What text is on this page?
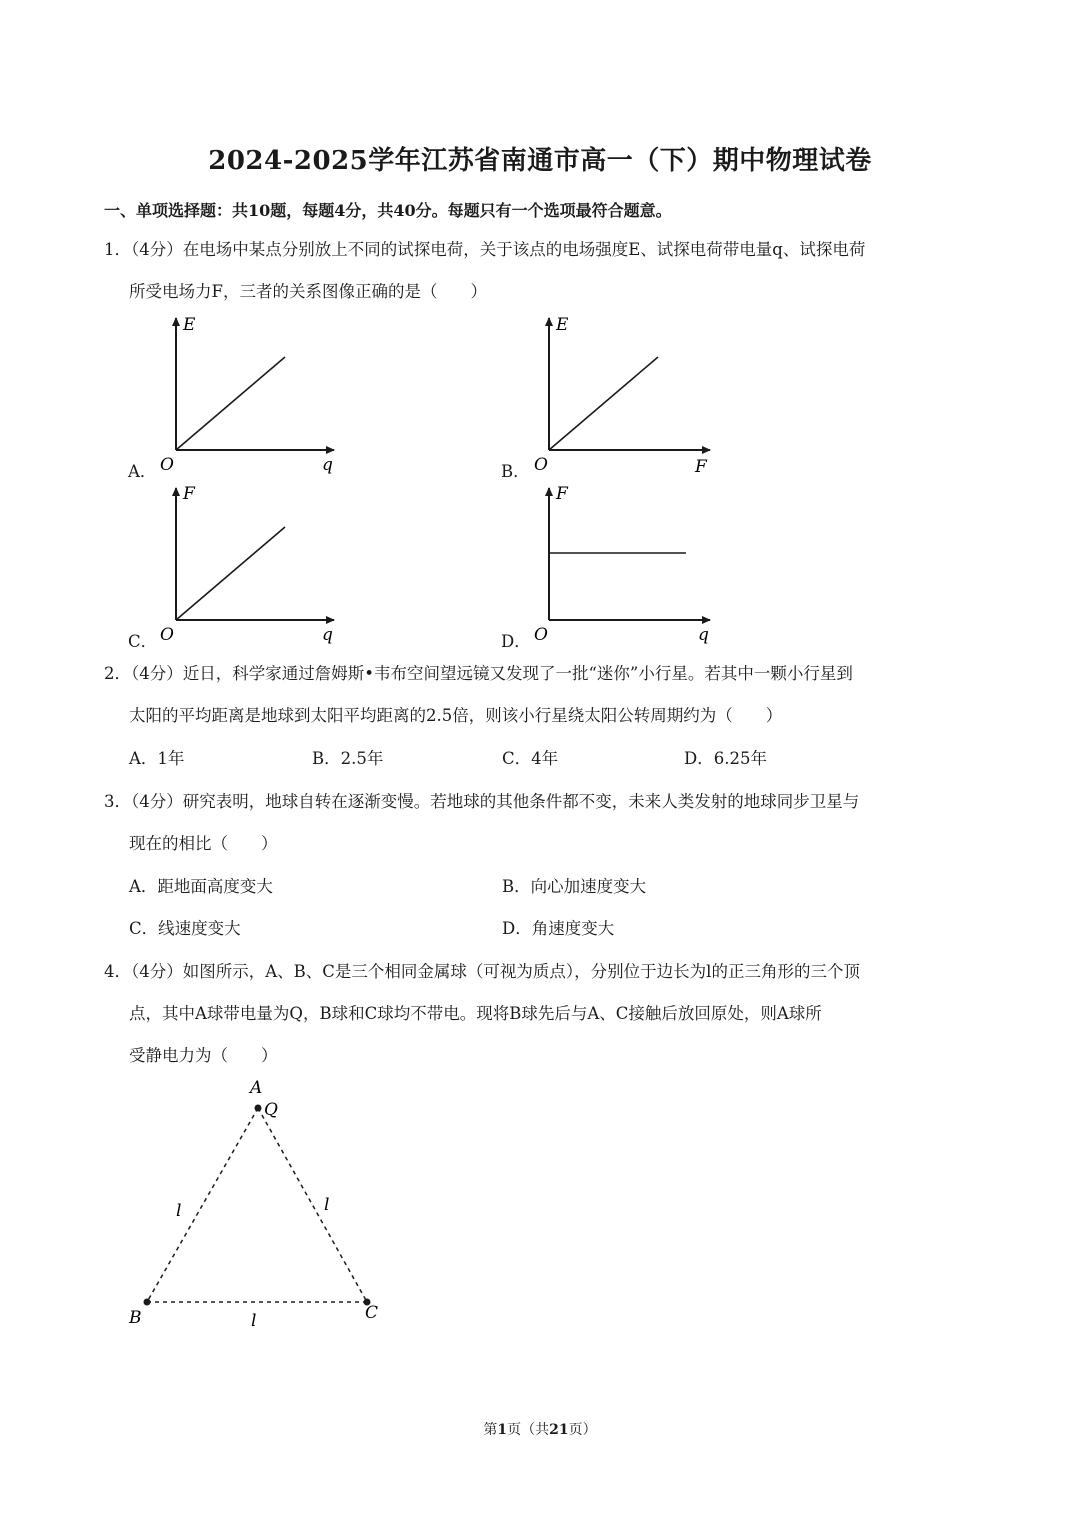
2024-2025学年江苏省南通市高一（下）期中物理试卷
一、单项选择题：共10题，每题4分，共40分。每题只有一个选项最符合题意。
1．（4分）在电场中某点分别放上不同的试探电荷，关于该点的电场强度E、试探电荷带电量q、试探电荷
所受电场力F，三者的关系图像正确的是（　　）
E
O	q
E
O	F
F
O	q
F
O	q
A
Q
B	C
l	l
l
A．	B．
C．	D．
2．（4分）近日，科学家通过詹姆斯•韦布空间望远镜又发现了一批“迷你”小行星。若其中一颗小行星到
太阳的平均距离是地球到太阳平均距离的2.5倍，则该小行星绕太阳公转周期约为（　　）
A．1年	B．2.5年	C．4年	D．6.25年
3．（4分）研究表明，地球自转在逐渐变慢。若地球的其他条件都不变，未来人类发射的地球同步卫星与
现在的相比（　　）
A．距地面高度变大	B．向心加速度变大
C．线速度变大	D．角速度变大
4．（4分）如图所示，A、B、C是三个相同金属球（可视为质点），分别位于边长为l的正三角形的三个顶
点，其中A球带电量为Q，B球和C球均不带电。现将B球先后与A、C接触后放回原处，则A球所
受静电力为（　　）
第1页（共21页）
